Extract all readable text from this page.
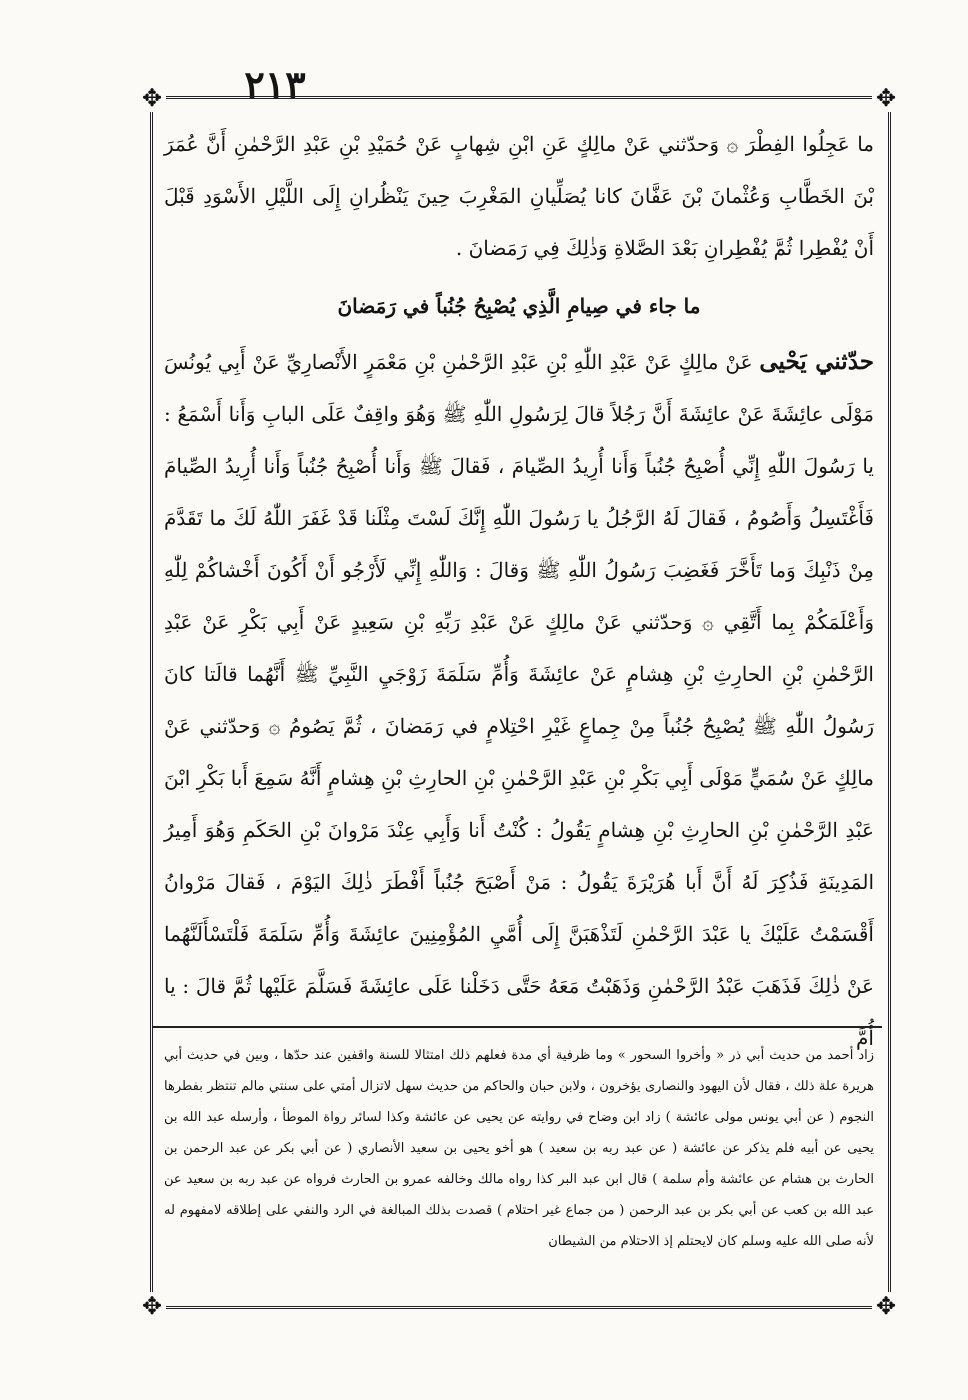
٢١٣
✥	✥
✥	✥

ما عَجِلُوا الفِطْرَ ۞ وَحدّثني عَنْ مالِكٍ عَنِ ابْنِ شِهابٍ عَنْ حُمَيْدِ بْنِ عَبْدِ الرَّحْمٰنِ أَنَّ عُمَرَ بْنَ الخَطَّابِ وَعُثْمانَ بْنَ عَفَّانَ كانا يُصَلِّيانِ المَغْرِبَ حِينَ يَنْظُرانِ إِلَى اللَّيْلِ الأَسْوَدِ قَبْلَ أَنْ يُفْطِرا ثُمَّ يُفْطِرانِ بَعْدَ الصَّلاةِ وَذٰلِكَ فِي رَمَضانَ .

ما جاء في صِيامِ الَّذِي يُصْبِحُ جُنُباً في رَمَضانَ

حدّثني يَحْيى عَنْ مالِكٍ عَنْ عَبْدِ اللّٰهِ بْنِ عَبْدِ الرَّحْمٰنِ بْنِ مَعْمَرٍ الأَنْصارِيِّ عَنْ أَبِي يُونُسَ مَوْلَى عائِشَةَ عَنْ عائِشَةَ أَنَّ رَجُلاً قالَ لِرَسُولِ اللّٰهِ ﷺ وَهُوَ واقِفٌ عَلَى البابِ وَأَنا أَسْمَعُ : يا رَسُولَ اللّٰهِ إِنِّي أُصْبِحُ جُنُباً وَأَنا أُرِيدُ الصِّيامَ ، فَقالَ ﷺ وَأَنا أُصْبِحُ جُنُباً وَأَنا أُرِيدُ الصِّيامَ فَأَغْتَسِلُ وَأَصُومُ ، فَقالَ لَهُ الرَّجُلُ يا رَسُولَ اللّٰهِ إِنَّكَ لَسْتَ مِثْلَنا قَدْ غَفَرَ اللّٰهُ لَكَ ما تَقَدَّمَ مِنْ ذَنْبِكَ وَما تَأَخَّرَ فَغَضِبَ رَسُولُ اللّٰهِ ﷺ وَقالَ : وَاللّٰهِ إِنِّي لَأَرْجُو أَنْ أَكُونَ أَخْشاكُمْ لِلّٰهِ وَأَعْلَمَكُمْ بِما أَتَّقِي ۞ وَحدّثني عَنْ مالِكٍ عَنْ عَبْدِ رَبِّهِ بْنِ سَعِيدٍ عَنْ أَبِي بَكْرِ عَنْ عَبْدِ الرَّحْمٰنِ بْنِ الحارِثِ بْنِ هِشامٍ عَنْ عائِشَةَ وَأُمِّ سَلَمَةَ زَوْجَيِ النَّبِيِّ ﷺ أَنَّهُما قالَتا كانَ رَسُولُ اللّٰهِ ﷺ يُصْبِحُ جُنُباً مِنْ جِماعٍ غَيْرِ احْتِلامٍ في رَمَضانَ ، ثُمَّ يَصُومُ ۞ وَحدّثني عَنْ مالِكٍ عَنْ سُمَيٍّ مَوْلَى أَبِي بَكْرِ بْنِ عَبْدِ الرَّحْمٰنِ بْنِ الحارِثِ بْنِ هِشامٍ أَنَّهُ سَمِعَ أَبا بَكْرِ ابْنَ عَبْدِ الرَّحْمٰنِ بْنِ الحارِثِ بْنِ هِشامٍ يَقُولُ : كُنْتُ أَنا وَأَبِي عِنْدَ مَرْوانَ بْنِ الحَكَمِ وَهُوَ أَمِيرُ المَدِينَةِ فَذُكِرَ لَهُ أَنَّ أَبا هُرَيْرَةَ يَقُولُ : مَنْ أَصْبَحَ جُنُباً أَفْطَرَ ذٰلِكَ اليَوْمَ ، فَقالَ مَرْوانُ أَقْسَمْتُ عَلَيْكَ يا عَبْدَ الرَّحْمٰنِ لَتَذْهَبَنَّ إِلَى أُمَّيِ المُؤْمِنِينَ عائِشَةَ وَأُمِّ سَلَمَةَ فَلْتَسْأَلَنَّهُما عَنْ ذٰلِكَ فَذَهَبَ عَبْدُ الرَّحْمٰنِ وَذَهَبْتُ مَعَهُ حَتَّى دَخَلْنا عَلَى عائِشَةَ فَسَلَّمَ عَلَيْها ثُمَّ قالَ : يا أُمَّ

زاد أحمد من حديث أبي ذر « وأخروا السحور » وما ظرفية أي مدة فعلهم ذلك امتثالا للسنة واقفين عند حدّها ، وبين في حديث أبي هريرة علة ذلك ، فقال لأن اليهود والنصارى يؤخرون ، ولابن حبان والحاكم من حديث سهل لاتزال أمتي على سنتي مالم تنتظر بفطرها النجوم ( عن أبي يونس مولى عائشة ) زاد ابن وضاح في روايته عن يحيى عن عائشة وكذا لسائر رواة الموطأ ، وأرسله عبد الله بن يحيى عن أبيه فلم يذكر عن عائشة ( عن عبد ربه بن سعيد ) هو أخو يحيى بن سعيد الأنصاري ( عن أبي بكر عن عبد الرحمن بن الحارث بن هشام عن عائشة وأم سلمة ) قال ابن عبد البر كذا رواه مالك وخالفه عمرو بن الحارث فرواه عن عبد ربه بن سعيد عن عبد الله بن كعب عن أبي بكر بن عبد الرحمن ( من جماع غير احتلام ) قصدت بذلك المبالغة في الرد والنفي على إطلاقه لامفهوم له لأنه صلى الله عليه وسلم كان لايحتلم إذ الاحتلام من الشيطان
